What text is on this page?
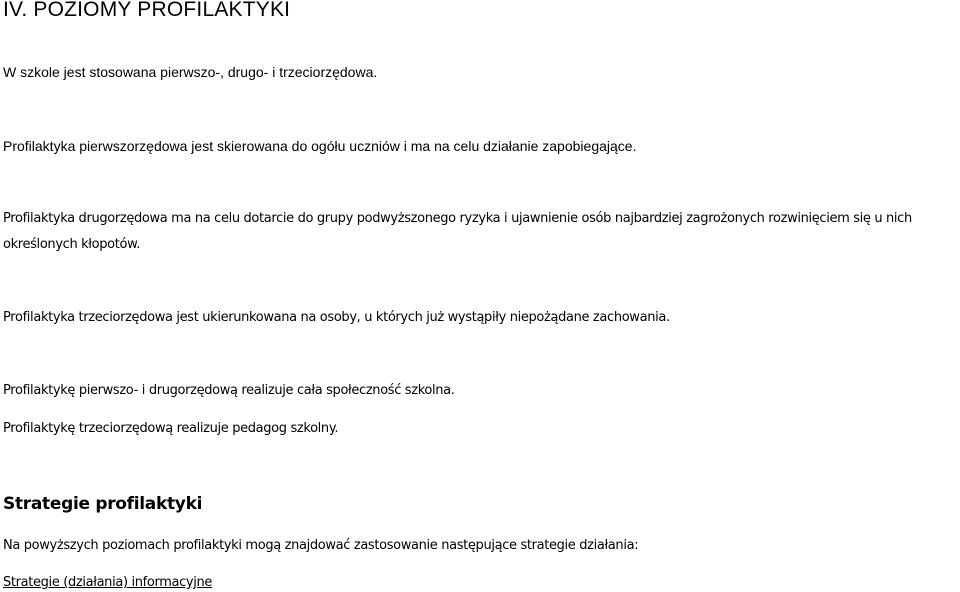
IV. POZIOMY PROFILAKTYKI

W szkole jest stosowana pierwszo-, drugo- i trzeciorzędowa.

Profilaktyka pierwszorzędowa jest skierowana do ogółu uczniów i ma na celu działanie zapobiegające.

Profilaktyka drugorzędowa ma na celu dotarcie do grupy podwyższonego ryzyka i ujawnienie osób najbardziej zagrożonych rozwinięciem się u nich określonych kłopotów.

Profilaktyka trzeciorzędowa jest ukierunkowana na osoby, u których już wystąpiły niepożądane zachowania.

Profilaktykę pierwszo- i drugorzędową realizuje cała społeczność szkolna.

Profilaktykę trzeciorzędową realizuje pedagog szkolny.

Strategie profilaktyki

Na powyższych poziomach profilaktyki mogą znajdować zastosowanie następujące strategie działania:

Strategie (działania) informacyjne
